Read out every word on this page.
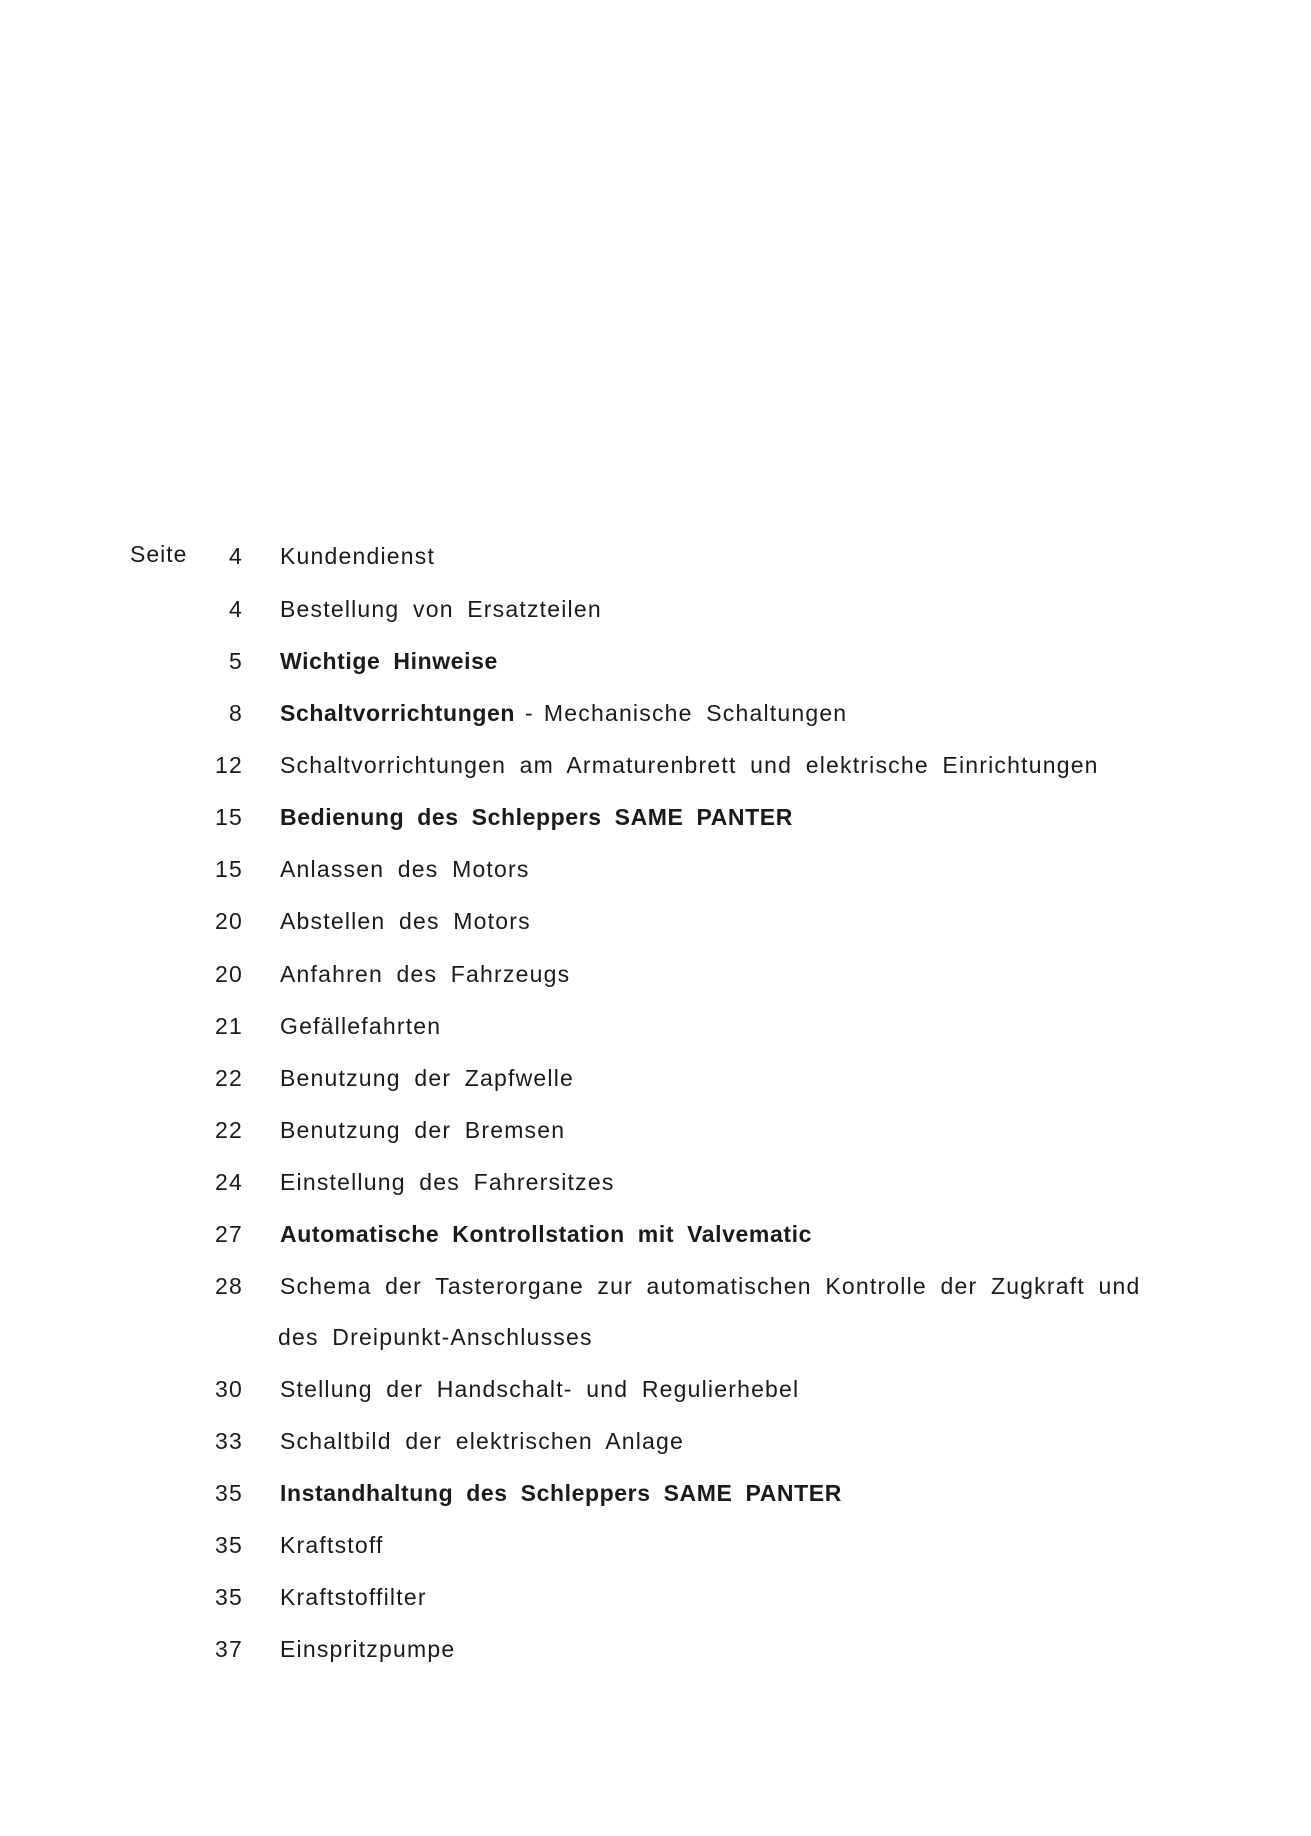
Seite 4 Kundendienst
4 Bestellung von Ersatzteilen
5 Wichtige Hinweise
8 Schaltvorrichtungen - Mechanische Schaltungen
12 Schaltvorrichtungen am Armaturenbrett und elektrische Einrichtungen
15 Bedienung des Schleppers SAME PANTER
15 Anlassen des Motors
20 Abstellen des Motors
20 Anfahren des Fahrzeugs
21 Gefällefahrten
22 Benutzung der Zapfwelle
22 Benutzung der Bremsen
24 Einstellung des Fahrersitzes
27 Automatische Kontrollstation mit Valvematic
28 Schema der Tasterorgane zur automatischen Kontrolle der Zugkraft und
des Dreipunkt-Anschlusses
30 Stellung der Handschalt- und Regulierhebel
33 Schaltbild der elektrischen Anlage
35 Instandhaltung des Schleppers SAME PANTER
35 Kraftstoff
35 Kraftstoffilter
37 Einspritzpumpe
